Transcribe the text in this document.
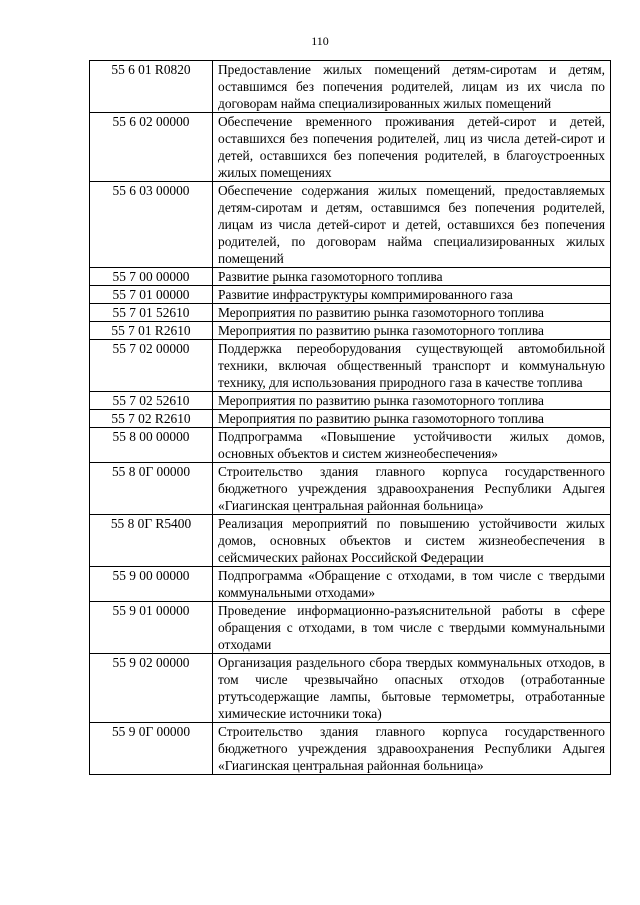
110
55 6 01 R0820	Предоставление жилых помещений детям-сиротам и детям, оставшимся без попечения родителей, лицам из их числа по договорам найма специализированных жилых помещений
55 6 02 00000	Обеспечение временного проживания детей-сирот и детей, оставшихся без попечения родителей, лиц из числа детей-сирот и детей, оставшихся без попечения родителей, в благоустроенных жилых помещениях
55 6 03 00000	Обеспечение содержания жилых помещений, предоставляемых детям-сиротам и детям, оставшимся без попечения родителей, лицам из числа детей-сирот и детей, оставшихся без попечения родителей, по договорам найма специализированных жилых помещений
55 7 00 00000	Развитие рынка газомоторного топлива
55 7 01 00000	Развитие инфраструктуры компримированного газа
55 7 01 52610	Мероприятия по развитию рынка газомоторного топлива
55 7 01 R2610	Мероприятия по развитию рынка газомоторного топлива
55 7 02 00000	Поддержка переоборудования существующей автомобильной техники, включая общественный транспорт и коммунальную технику, для использования природного газа в качестве топлива
55 7 02 52610	Мероприятия по развитию рынка газомоторного топлива
55 7 02 R2610	Мероприятия по развитию рынка газомоторного топлива
55 8 00 00000	Подпрограмма «Повышение устойчивости жилых домов, основных объектов и систем жизнеобеспечения»
55 8 0Г 00000	Строительство здания главного корпуса государственного бюджетного учреждения здравоохранения Республики Адыгея «Гиагинская центральная районная больница»
55 8 0Г R5400	Реализация мероприятий по повышению устойчивости жилых домов, основных объектов и систем жизнеобеспечения в сейсмических районах Российской Федерации
55 9 00 00000	Подпрограмма «Обращение с отходами, в том числе с твердыми коммунальными отходами»
55 9 01 00000	Проведение информационно-разъяснительной работы в сфере обращения с отходами, в том числе с твердыми коммунальными отходами
55 9 02 00000	Организация раздельного сбора твердых коммунальных отходов, в том числе чрезвычайно опасных отходов (отработанные ртутьсодержащие лампы, бытовые термометры, отработанные химические источники тока)
55 9 0Г 00000	Строительство здания главного корпуса государственного бюджетного учреждения здравоохранения Республики Адыгея «Гиагинская центральная районная больница»
